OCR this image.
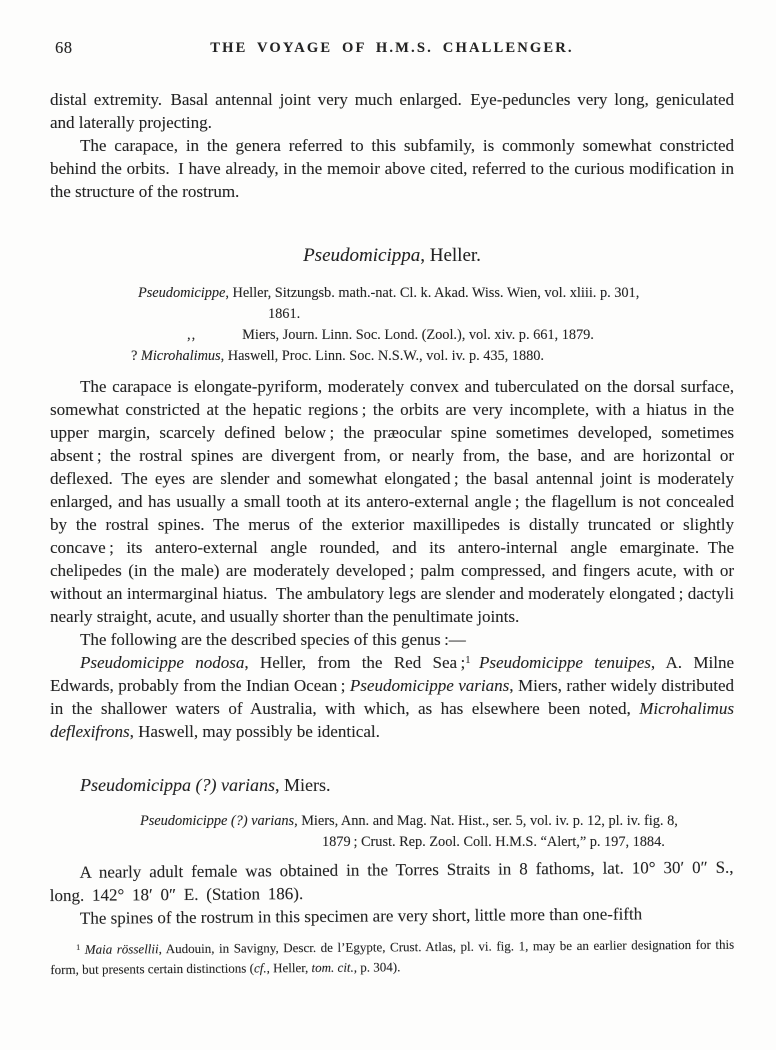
68	THE VOYAGE OF H.M.S. CHALLENGER.

distal extremity. Basal antennal joint very much enlarged. Eye-peduncles very long, geniculated and laterally projecting.

The carapace, in the genera referred to this subfamily, is commonly somewhat constricted behind the orbits. I have already, in the memoir above cited, referred to the curious modification in the structure of the rostrum.

Pseudomicippa, Heller.

Pseudomicippe, Heller, Sitzungsb. math.-nat. Cl. k. Akad. Wiss. Wien, vol. xliii. p. 301,

1861.

,,	Miers, Journ. Linn. Soc. Lond. (Zool.), vol. xiv. p. 661, 1879.

? Microhalimus, Haswell, Proc. Linn. Soc. N.S.W., vol. iv. p. 435, 1880.

The carapace is elongate-pyriform, moderately convex and tuberculated on the dorsal surface, somewhat constricted at the hepatic regions ; the orbits are very incomplete, with a hiatus in the upper margin, scarcely defined below ; the præocular spine sometimes developed, sometimes absent ; the rostral spines are divergent from, or nearly from, the base, and are horizontal or deflexed. The eyes are slender and somewhat elongated ; the basal antennal joint is moderately enlarged, and has usually a small tooth at its antero-external angle ; the flagellum is not concealed by the rostral spines. The merus of the exterior maxillipedes is distally truncated or slightly concave ; its antero-external angle rounded, and its antero-internal angle emarginate. The chelipedes (in the male) are moderately developed ; palm compressed, and fingers acute, with or without an intermarginal hiatus. The ambulatory legs are slender and moderately elongated ; dactyli nearly straight, acute, and usually shorter than the penultimate joints.

The following are the described species of this genus :—

Pseudomicippe nodosa, Heller, from the Red Sea ;$^1$  Pseudomicippe tenuipes, A. Milne Edwards, probably from the Indian Ocean ; Pseudomicippe varians, Miers, rather widely distributed in the shallower waters of Australia, with which, as has elsewhere been noted, Microhalimus deflexifrons, Haswell, may possibly be identical.

Pseudomicippa (?) varians, Miers.

Pseudomicippe (?) varians, Miers, Ann. and Mag. Nat. Hist., ser. 5, vol. iv. p. 12, pl. iv. fig. 8,

1879 ; Crust. Rep. Zool. Coll. H.M.S. “Alert,” p. 197, 1884.

A nearly adult female was obtained in the Torres Straits in 8 fathoms, lat. 10° 30′ 0″ S., long. 142° 18′ 0″ E. (Station 186).

The spines of the rostrum in this specimen are very short, little more than one-fifth

$^1$ Maia rössellii, Audouin, in Savigny, Descr. de l’Egypte, Crust. Atlas, pl. vi. fig. 1, may be an earlier designation for this form, but presents certain distinctions (cf., Heller, tom. cit., p. 304).
